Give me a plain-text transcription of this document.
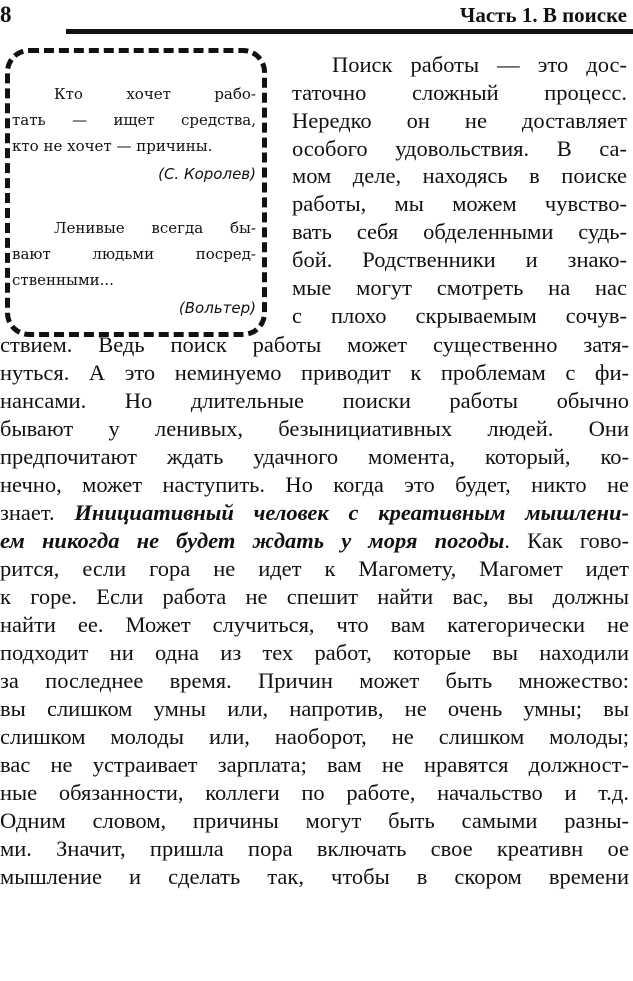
8	Часть 1. В поиске
Кто хочет рабо-
тать — ищет средства,
кто не хочет — причины.
(С. Королев)
Ленивые всегда бы-
вают людьми посред-
ственными...
(Вольтер)
Поиск работы — это дос-
таточно сложный процесс.
Нередко он не доставляет
особого удовольствия. В са-
мом деле, находясь в поиске
работы, мы можем чувство-
вать себя обделенными судь-
бой. Родственники и знако-
мые могут смотреть на нас
с плохо скрываемым сочув-
ствием. Ведь поиск работы может существенно затя-
нуться. А это неминуемо приводит к проблемам с фи-
нансами. Но длительные поиски работы обычно
бывают у ленивых, безынициативных людей. Они
предпочитают ждать удачного момента, который, ко-
нечно, может наступить. Но когда это будет, никто не
знает. Инициативный человек с креативным мышлени-
ем никогда не будет ждать у моря погоды. Как гово-
рится, если гора не идет к Магомету, Магомет идет
к горе. Если работа не спешит найти вас, вы должны
найти ее. Может случиться, что вам категорически не
подходит ни одна из тех работ, которые вы находили
за последнее время. Причин может быть множество:
вы слишком умны или, напротив, не очень умны; вы
слишком молоды или, наоборот, не слишком молоды;
вас не устраивает зарплата; вам не нравятся должност-
ные обязанности, коллеги по работе, начальство и т.д.
Одним словом, причины могут быть самыми разны-
ми. Значит, пришла пора включать свое креативн ое
мышление и сделать так, чтобы в скором времени
